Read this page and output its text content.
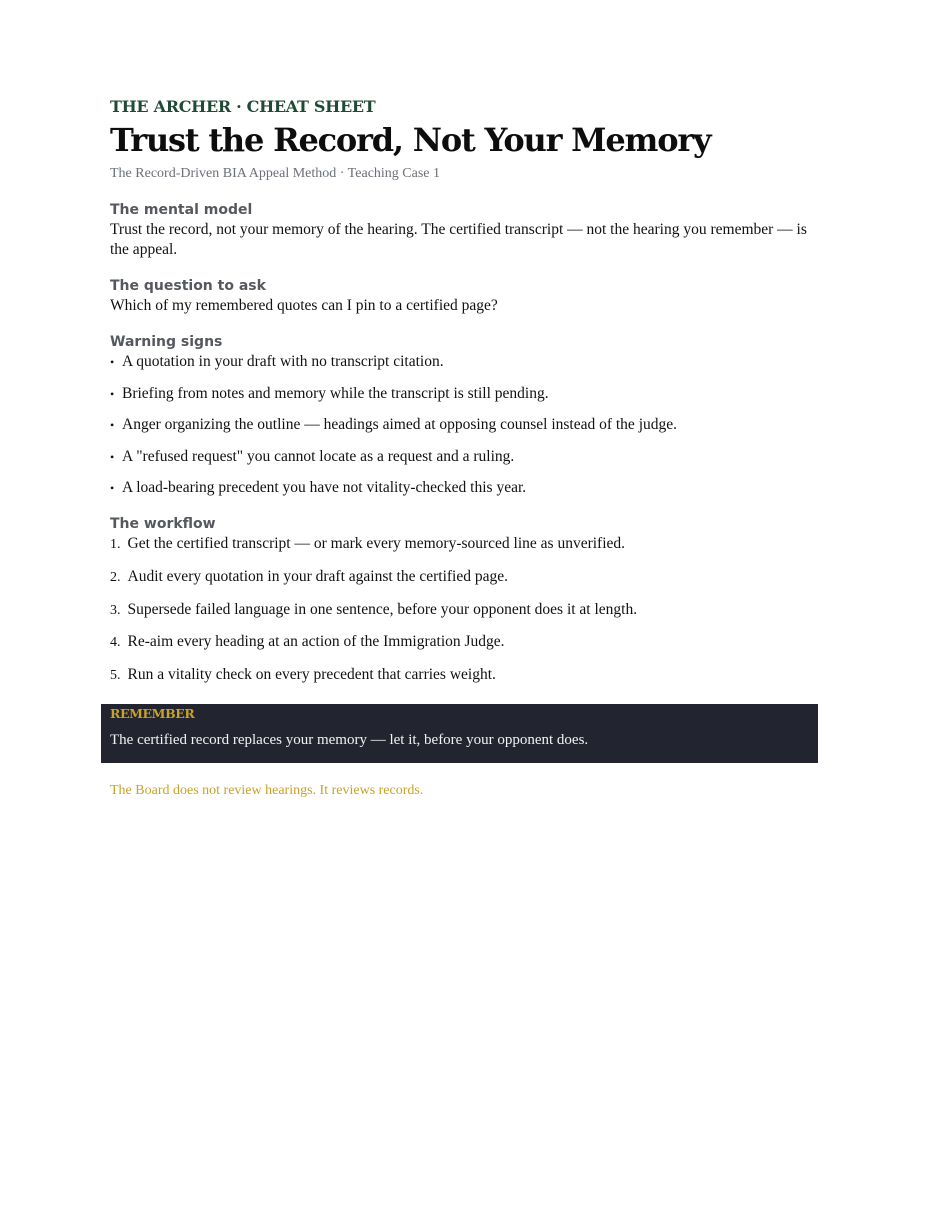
THE ARCHER · CHEAT SHEET

Trust the Record, Not Your Memory

The Record-Driven BIA Appeal Method · Teaching Case 1

The mental model

Trust the record, not your memory of the hearing. The certified transcript — not the hearing you remember — is the appeal.

The question to ask

Which of my remembered quotes can I pin to a certified page?

Warning signs
• A quotation in your draft with no transcript citation.
• Briefing from notes and memory while the transcript is still pending.
• Anger organizing the outline — headings aimed at opposing counsel instead of the judge.
• A "refused request" you cannot locate as a request and a ruling.
• A load-bearing precedent you have not vitality-checked this year.
The workflow
1. Get the certified transcript — or mark every memory-sourced line as unverified.
2. Audit every quotation in your draft against the certified page.
3. Supersede failed language in one sentence, before your opponent does it at length.
4. Re-aim every heading at an action of the Immigration Judge.
5. Run a vitality check on every precedent that carries weight.

REMEMBER

The certified record replaces your memory — let it, before your opponent does.

The Board does not review hearings. It reviews records.
